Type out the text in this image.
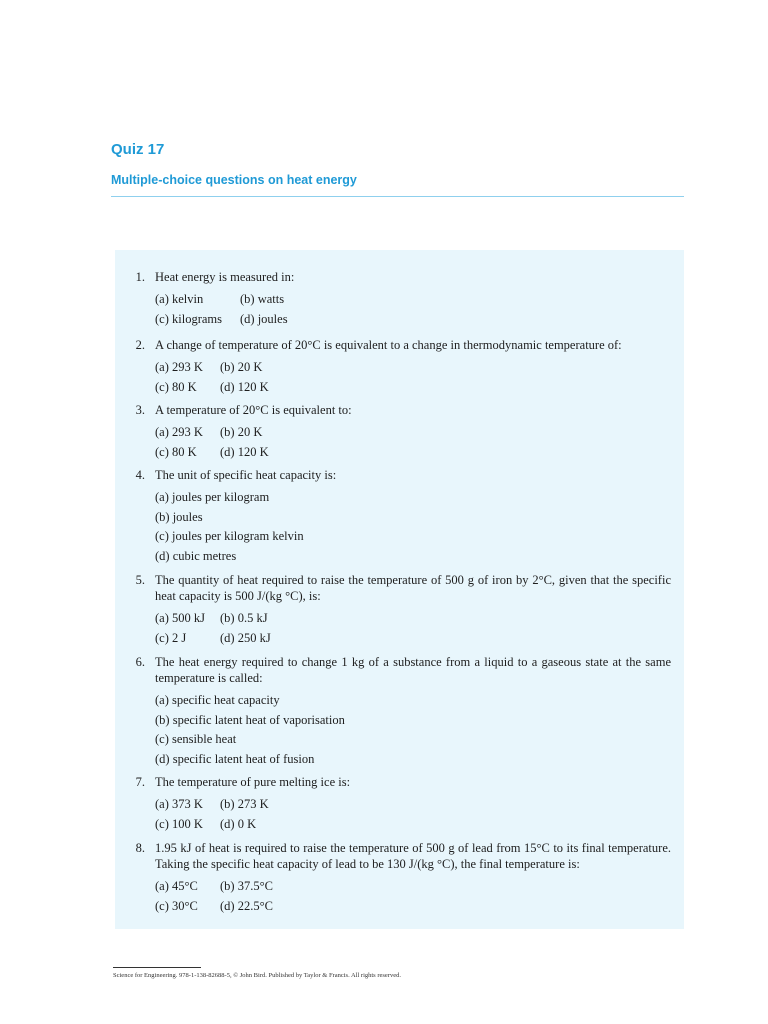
Quiz 17
Multiple-choice questions on heat energy
1. Heat energy is measured in:
(a) kelvin	(b) watts
(c) kilograms (d) joules
2. A change of temperature of 20°C is equivalent to a change in thermodynamic temperature of:
(a) 293 K (b) 20 K
(c) 80 K (d) 120 K
3. A temperature of 20°C is equivalent to:
(a) 293 K (b) 20 K
(c) 80 K (d) 120 K
4. The unit of specific heat capacity is:
(a) joules per kilogram
(b) joules
(c) joules per kilogram kelvin
(d) cubic metres
5. The quantity of heat required to raise the temperature of 500 g of iron by 2°C, given that the specific heat capacity is 500 J/(kg °C), is:
(a) 500 kJ (b) 0.5 kJ
(c) 2 J	(d) 250 kJ
6. The heat energy required to change 1 kg of a substance from a liquid to a gaseous state at the same temperature is called:
(a) specific heat capacity
(b) specific latent heat of vaporisation
(c) sensible heat
(d) specific latent heat of fusion
7. The temperature of pure melting ice is:
(a) 373 K (b) 273 K
(c) 100 K (d) 0 K
8. 1.95 kJ of heat is required to raise the temperature of 500 g of lead from 15°C to its final temperature. Taking the specific heat capacity of lead to be 130 J/(kg °C), the final temperature is:
(a) 45°C (b) 37.5°C
(c) 30°C (d) 22.5°C
Science for Engineering. 978-1-138-82688-5, © John Bird. Published by Taylor & Francis. All rights reserved.
